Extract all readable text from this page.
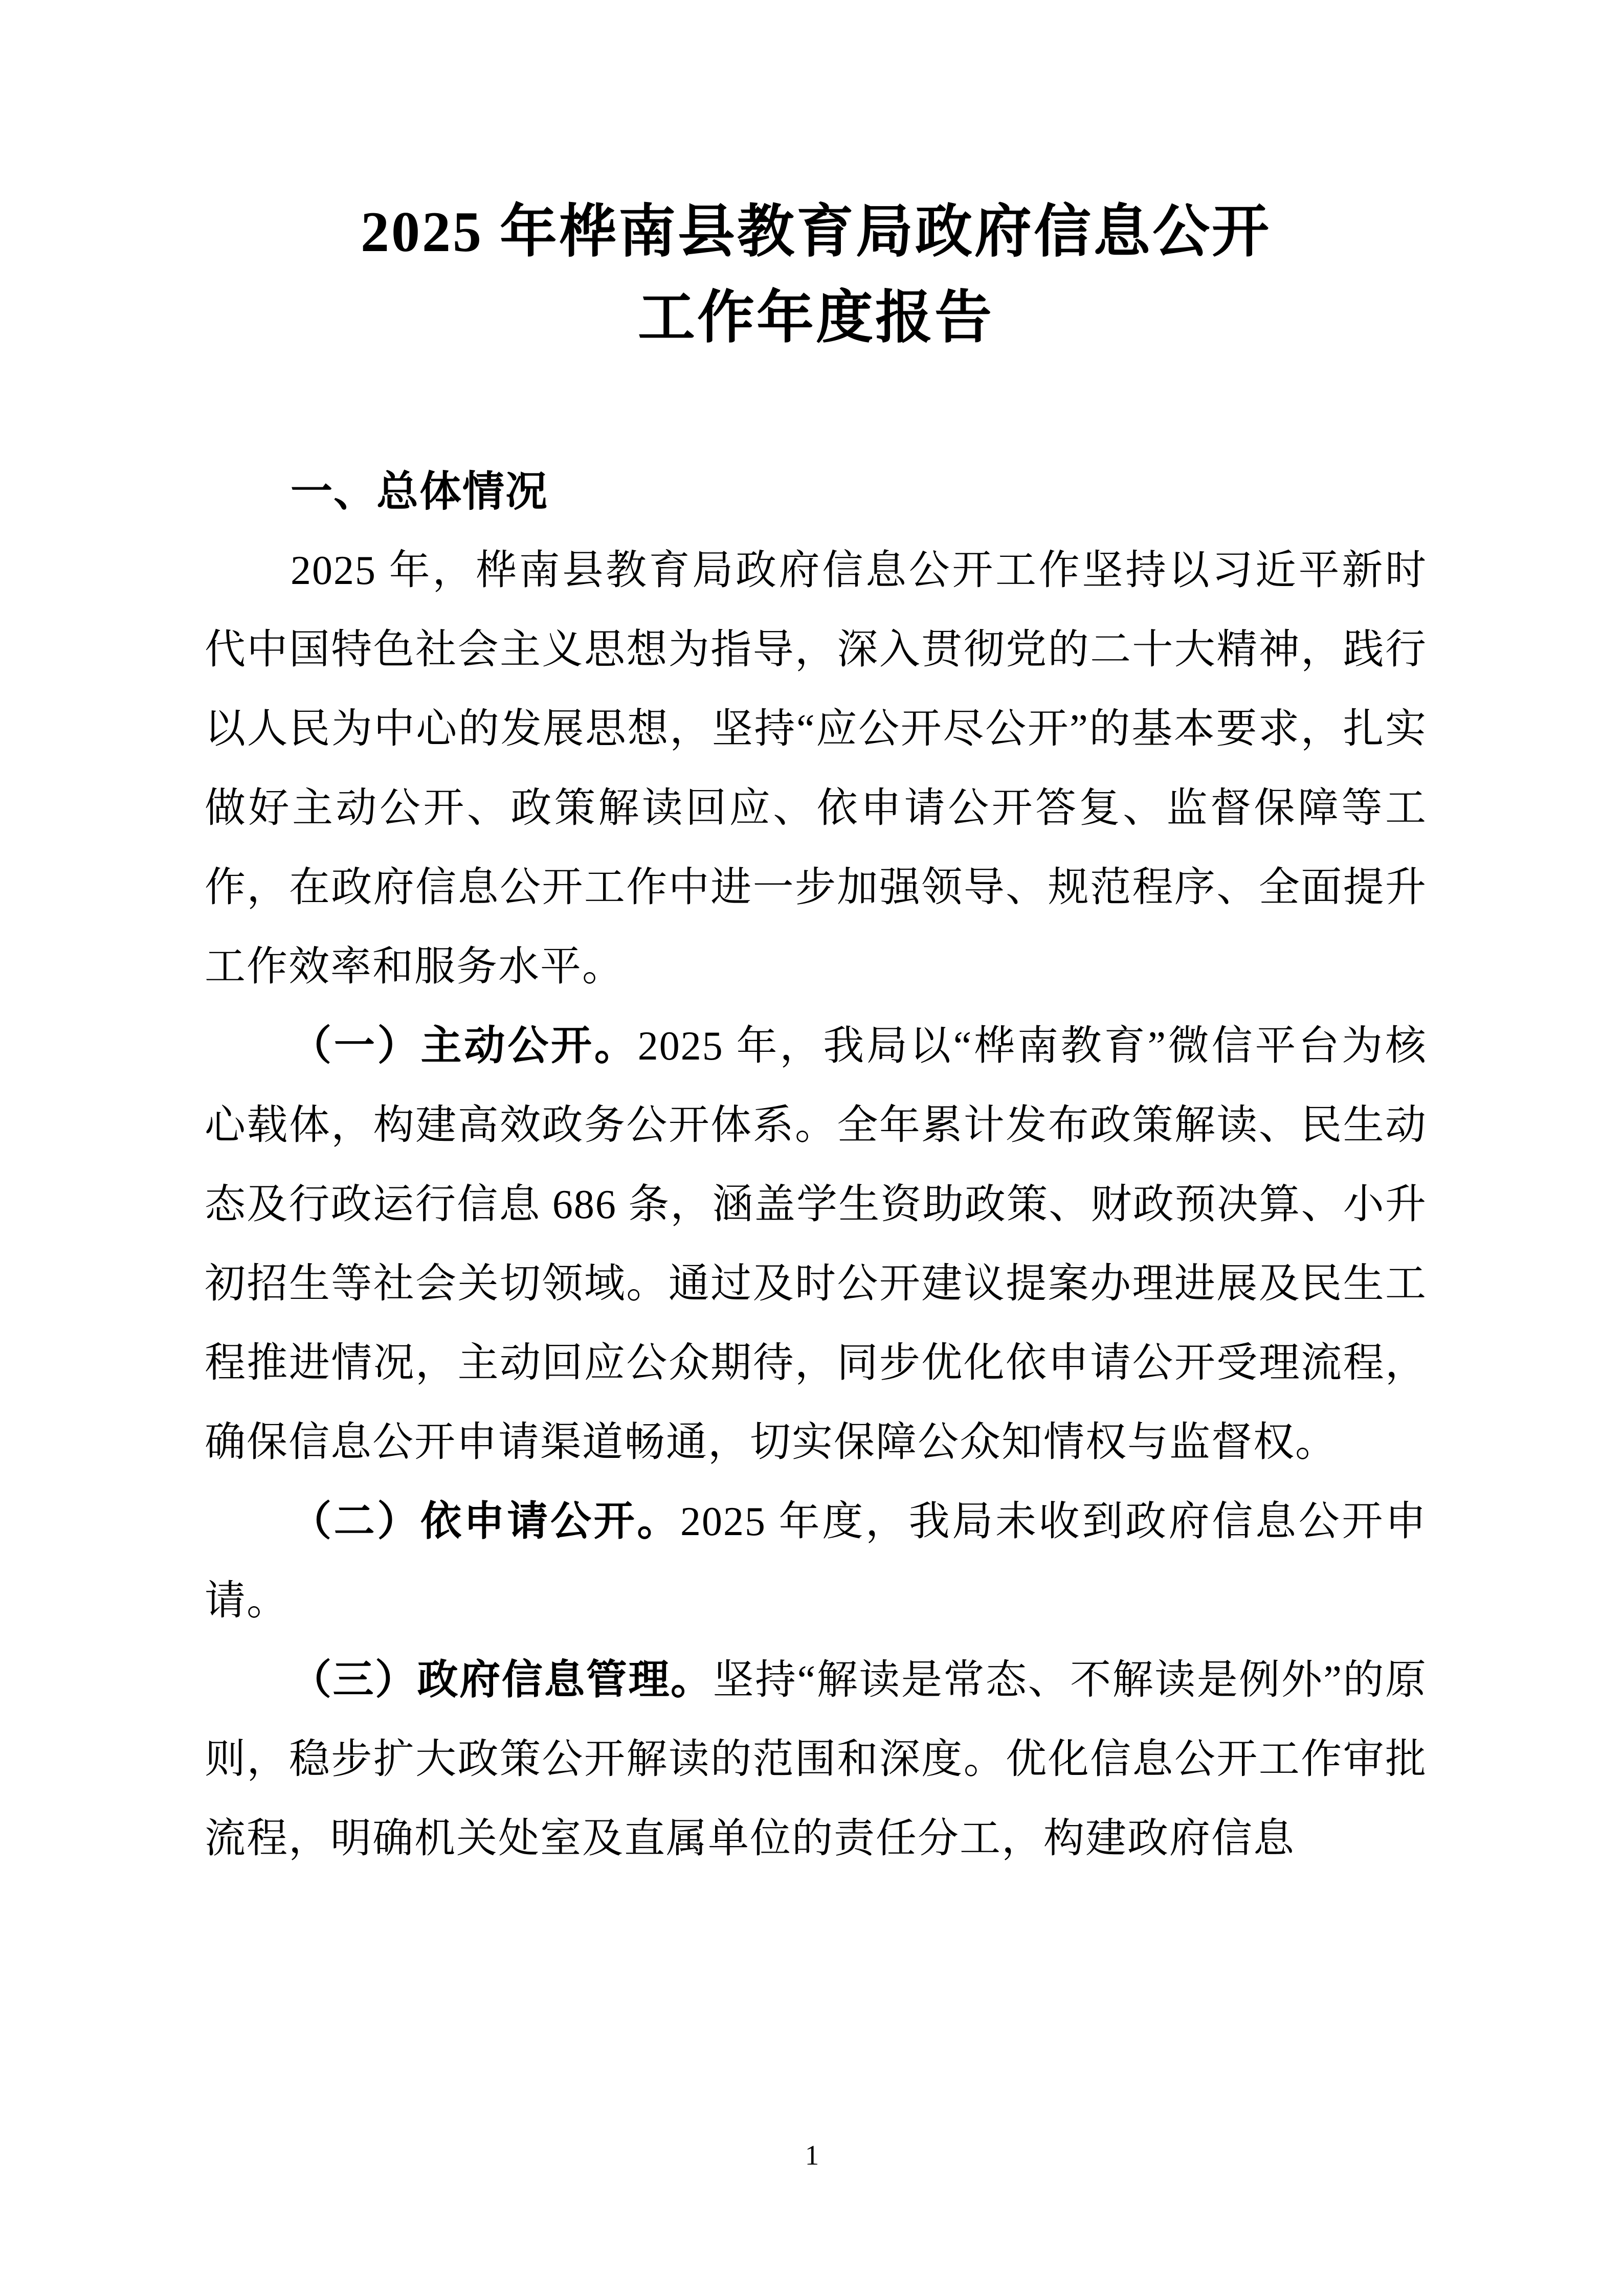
2025 年桦南县教育局政府信息公开
工作年度报告
一、总体情况

2025 年，桦南县教育局政府信息公开工作坚持以习近平新时代中国特色社会主义思想为指导，深入贯彻党的二十大精神，践行以人民为中心的发展思想，坚持“应公开尽公开”的基本要求，扎实做好主动公开、政策解读回应、依申请公开答复、监督保障等工作，在政府信息公开工作中进一步加强领导、规范程序、全面提升工作效率和服务水平。

（一）主动公开。2025 年，我局以“桦南教育”微信平台为核心载体，构建高效政务公开体系。全年累计发布政策解读、民生动态及行政运行信息 686 条，涵盖学生资助政策、财政预决算、小升初招生等社会关切领域。通过及时公开建议提案办理进展及民生工程推进情况，主动回应公众期待，同步优化依申请公开受理流程，确保信息公开申请渠道畅通，切实保障公众知情权与监督权。

（二）依申请公开。2025 年度，我局未收到政府信息公开申请。

（三）政府信息管理。坚持“解读是常态、不解读是例外”的原则，稳步扩大政策公开解读的范围和深度。优化信息公开工作审批流程，明确机关处室及直属单位的责任分工，构建政府信息

1
